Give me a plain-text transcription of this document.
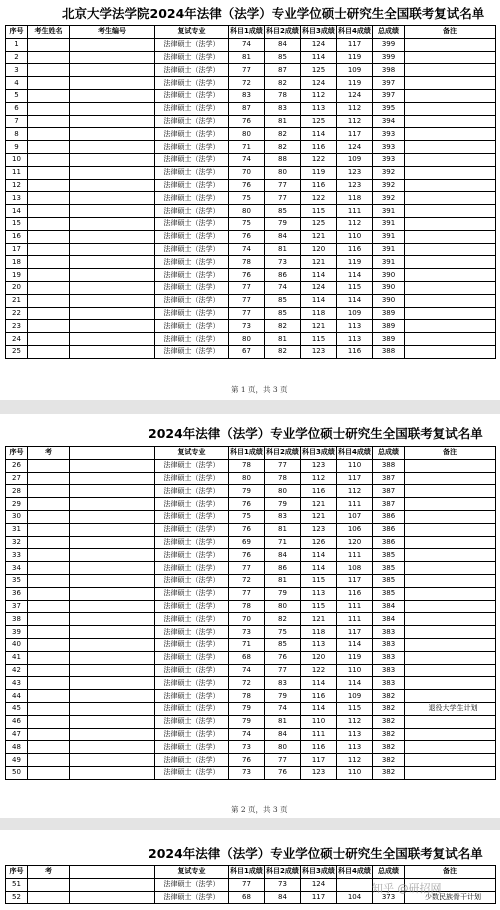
北京大学法学院2024年法律（法学）专业学位硕士研究生全国联考复试名单
序号	考生姓名	考生编号	复试专业	科目1成绩	科目2成绩	科目3成绩	科目4成绩	总成绩	备注
1			法律硕士（法学）	74	84	124	117	399	
2			法律硕士（法学）	81	85	114	119	399	
3			法律硕士（法学）	77	87	125	109	398	
4			法律硕士（法学）	72	82	124	119	397	
5			法律硕士（法学）	83	78	112	124	397	
6			法律硕士（法学）	87	83	113	112	395	
7			法律硕士（法学）	76	81	125	112	394	
8			法律硕士（法学）	80	82	114	117	393	
9			法律硕士（法学）	71	82	116	124	393	
10			法律硕士（法学）	74	88	122	109	393	
11			法律硕士（法学）	70	80	119	123	392	
12			法律硕士（法学）	76	77	116	123	392	
13			法律硕士（法学）	75	77	122	118	392	
14			法律硕士（法学）	80	85	115	111	391	
15			法律硕士（法学）	75	79	125	112	391	
16			法律硕士（法学）	76	84	121	110	391	
17			法律硕士（法学）	74	81	120	116	391	
18			法律硕士（法学）	78	73	121	119	391	
19			法律硕士（法学）	76	86	114	114	390	
20			法律硕士（法学）	77	74	124	115	390	
21			法律硕士（法学）	77	85	114	114	390	
22			法律硕士（法学）	77	85	118	109	389	
23			法律硕士（法学）	73	82	121	113	389	
24			法律硕士（法学）	80	81	115	113	389	
25			法律硕士（法学）	67	82	123	116	388	
第 1 页，共 3 页
2024年法律（法学）专业学位硕士研究生全国联考复试名单
序号	考		复试专业	科目1成绩	科目2成绩	科目3成绩	科目4成绩	总成绩	备注
26			法律硕士（法学）	78	77	123	110	388	
27			法律硕士（法学）	80	78	112	117	387	
28			法律硕士（法学）	79	80	116	112	387	
29			法律硕士（法学）	76	79	121	111	387	
30			法律硕士（法学）	75	83	121	107	386	
31			法律硕士（法学）	76	81	123	106	386	
32			法律硕士（法学）	69	71	126	120	386	
33			法律硕士（法学）	76	84	114	111	385	
34			法律硕士（法学）	77	86	114	108	385	
35			法律硕士（法学）	72	81	115	117	385	
36			法律硕士（法学）	77	79	113	116	385	
37			法律硕士（法学）	78	80	115	111	384	
38			法律硕士（法学）	70	82	121	111	384	
39			法律硕士（法学）	73	75	118	117	383	
40			法律硕士（法学）	71	85	113	114	383	
41			法律硕士（法学）	68	76	120	119	383	
42			法律硕士（法学）	74	77	122	110	383	
43			法律硕士（法学）	72	83	114	114	383	
44			法律硕士（法学）	78	79	116	109	382	
45			法律硕士（法学）	79	74	114	115	382	退役大学生计划
46			法律硕士（法学）	79	81	110	112	382	
47			法律硕士（法学）	74	84	111	113	382	
48			法律硕士（法学）	73	80	116	113	382	
49			法律硕士（法学）	76	77	117	112	382	
50			法律硕士（法学）	73	76	123	110	382	
第 2 页，共 3 页
2024年法律（法学）专业学位硕士研究生全国联考复试名单
序号	考		复试专业	科目1成绩	科目2成绩	科目3成绩	科目4成绩	总成绩	备注
51			法律硕士（法学）	77	73	124			
52			法律硕士（法学）	68	84	117	104	373	少数民族骨干计划
知乎 @研招网
